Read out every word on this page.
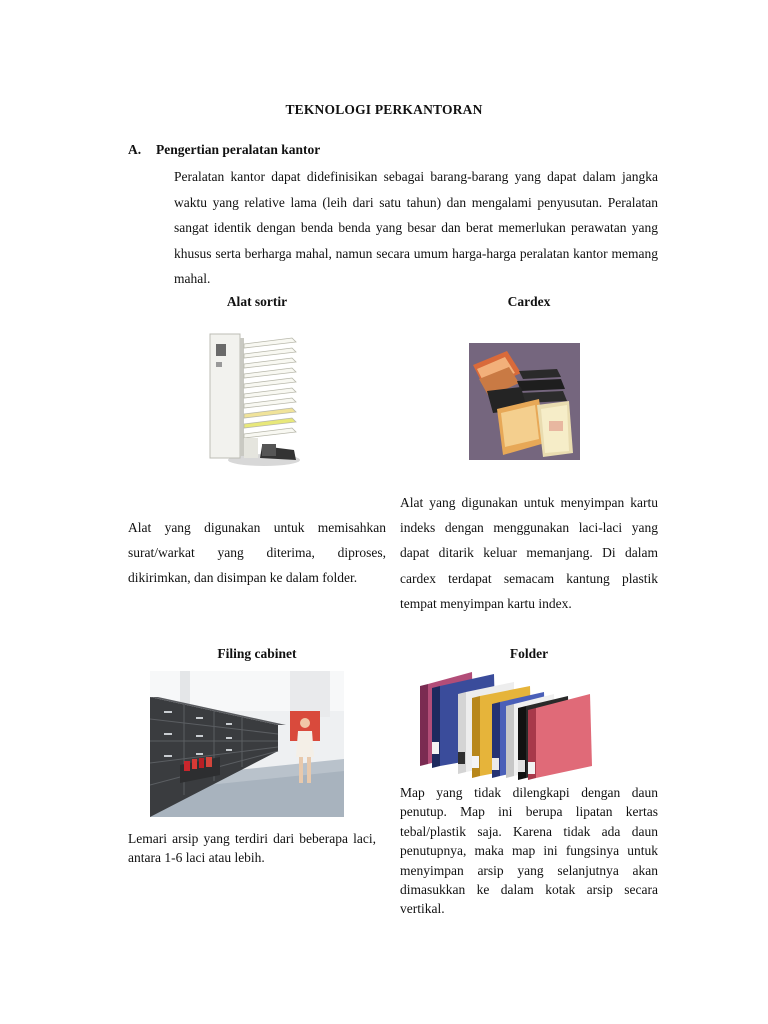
TEKNOLOGI PERKANTORAN
A. Pengertian peralatan kantor
Peralatan kantor dapat didefinisikan sebagai barang-barang yang dapat dalam jangka waktu yang relative lama (leih dari satu tahun) dan mengalami penyusutan. Peralatan sangat identik dengan benda benda yang besar dan berat memerlukan perawatan yang khusus serta berharga mahal, namun secara umum harga-harga peralatan kantor memang mahal.
Alat sortir	Cardex
Alat yang digunakan untuk menyimpan kartu indeks dengan menggunakan laci-laci yang dapat ditarik keluar memanjang. Di dalam cardex terdapat semacam kantung plastik tempat menyimpan kartu index.
Alat yang digunakan untuk memisahkan surat/warkat yang diterima, diproses, dikirimkan, dan disimpan ke dalam folder.
Filing cabinet
Lemari arsip yang terdiri dari beberapa laci, antara 1-6 laci atau lebih.
Folder
Map yang tidak dilengkapi dengan daun penutup. Map ini berupa lipatan kertas tebal/plastik saja. Karena tidak ada daun penutupnya, maka map ini fungsinya untuk menyimpan arsip yang selanjutnya akan dimasukkan ke dalam kotak arsip secara vertikal.
